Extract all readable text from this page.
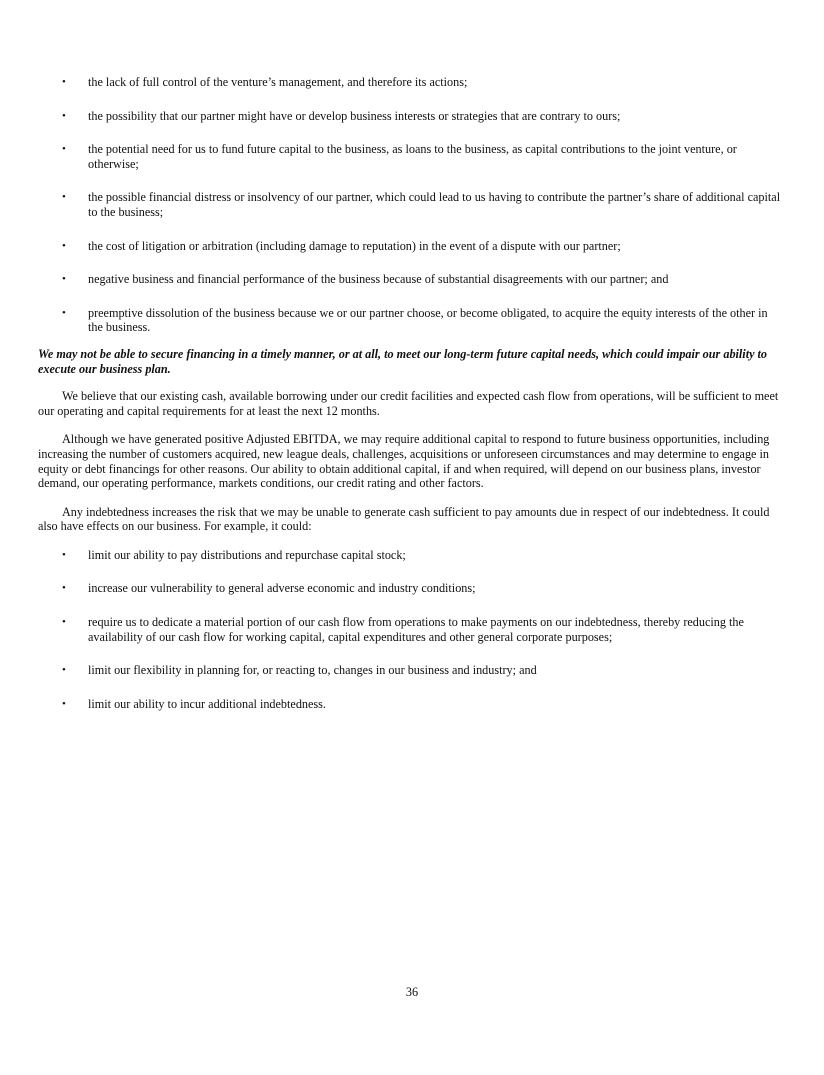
• the lack of full control of the venture’s management, and therefore its actions;
• the possibility that our partner might have or develop business interests or strategies that are contrary to ours;
• the potential need for us to fund future capital to the business, as loans to the business, as capital contributions to the joint venture, or otherwise;
• the possible financial distress or insolvency of our partner, which could lead to us having to contribute the partner’s share of additional capital to the business;
• the cost of litigation or arbitration (including damage to reputation) in the event of a dispute with our partner;
• negative business and financial performance of the business because of substantial disagreements with our partner; and
• preemptive dissolution of the business because we or our partner choose, or become obligated, to acquire the equity interests of the other in the business.

We may not be able to secure financing in a timely manner, or at all, to meet our long-term future capital needs, which could impair our ability to execute our business plan.

We believe that our existing cash, available borrowing under our credit facilities and expected cash flow from operations, will be sufficient to meet our operating and capital requirements for at least the next 12 months.

Although we have generated positive Adjusted EBITDA, we may require additional capital to respond to future business opportunities, including increasing the number of customers acquired, new league deals, challenges, acquisitions or unforeseen circumstances and may determine to engage in equity or debt financings for other reasons. Our ability to obtain additional capital, if and when required, will depend on our business plans, investor demand, our operating performance, markets conditions, our credit rating and other factors.

Any indebtedness increases the risk that we may be unable to generate cash sufficient to pay amounts due in respect of our indebtedness. It could also have effects on our business. For example, it could:

• limit our ability to pay distributions and repurchase capital stock;
• increase our vulnerability to general adverse economic and industry conditions;
• require us to dedicate a material portion of our cash flow from operations to make payments on our indebtedness, thereby reducing the availability of our cash flow for working capital, capital expenditures and other general corporate purposes;
• limit our flexibility in planning for, or reacting to, changes in our business and industry; and
• limit our ability to incur additional indebtedness.
36
